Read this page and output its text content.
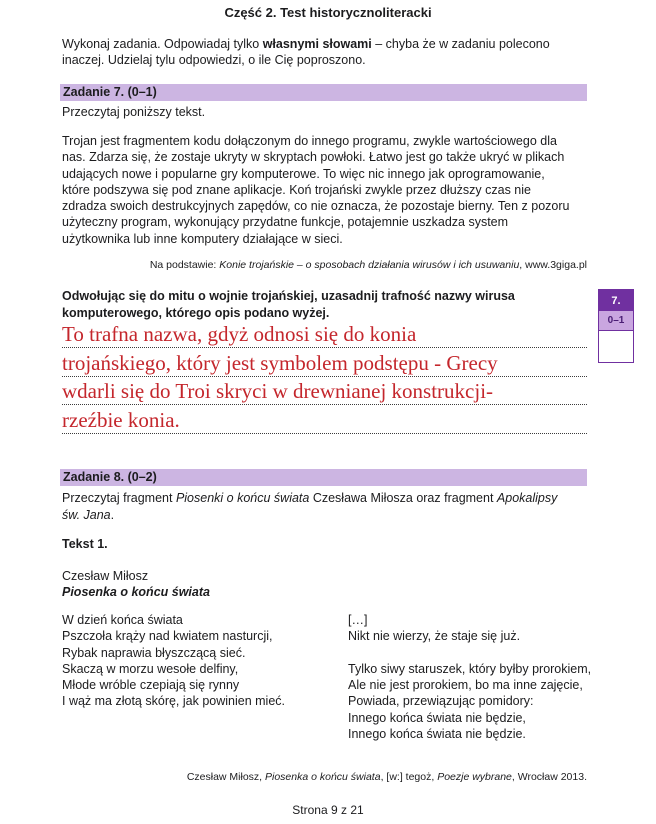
Część 2. Test historycznoliteracki
Wykonaj zadania. Odpowiadaj tylko własnymi słowami – chyba że w zadaniu polecono
inaczej. Udzielaj tylu odpowiedzi, o ile Cię poproszono.
Zadanie 7. (0–1)
Przeczytaj poniższy tekst.
Trojan jest fragmentem kodu dołączonym do innego programu, zwykle wartościowego dla
nas. Zdarza się, że zostaje ukryty w skryptach powłoki. Łatwo jest go także ukryć w plikach
udających nowe i popularne gry komputerowe. To więc nic innego jak oprogramowanie,
które podszywa się pod znane aplikacje. Koń trojański zwykle przez dłuższy czas nie
zdradza swoich destrukcyjnych zapędów, co nie oznacza, że pozostaje bierny. Ten z pozoru
użyteczny program, wykonujący przydatne funkcje, potajemnie uszkadza system
użytkownika lub inne komputery działające w sieci.
Na podstawie: Konie trojańskie – o sposobach działania wirusów i ich usuwaniu, www.3giga.pl
Odwołując się do mitu o wojnie trojańskiej, uzasadnij trafność nazwy wirusa
komputerowego, którego opis podano wyżej.
To trafna nazwa, gdyż odnosi się do konia
trojańskiego, który jest symbolem podstępu - Grecy
wdarli się do Troi skryci w drewnianej konstrukcji-
rzeźbie konia.
7.
0–1
Zadanie 8. (0–2)
Przeczytaj fragment Piosenki o końcu świata Czesława Miłosza oraz fragment Apokalipsy
św. Jana.
Tekst 1.
Czesław Miłosz
Piosenka o końcu świata
W dzień końca świata
Pszczoła krąży nad kwiatem nasturcji,
Rybak naprawia błyszczącą sieć.
Skaczą w morzu wesołe delfiny,
Młode wróble czepiają się rynny
I wąż ma złotą skórę, jak powinien mieć.
[…]
Nikt nie wierzy, że staje się już.
Tylko siwy staruszek, który byłby prorokiem,
Ale nie jest prorokiem, bo ma inne zajęcie,
Powiada, przewiązując pomidory:
Innego końca świata nie będzie,
Innego końca świata nie będzie.
Czesław Miłosz, Piosenka o końcu świata, [w:] tegoż, Poezje wybrane, Wrocław 2013.
Strona 9 z 21
